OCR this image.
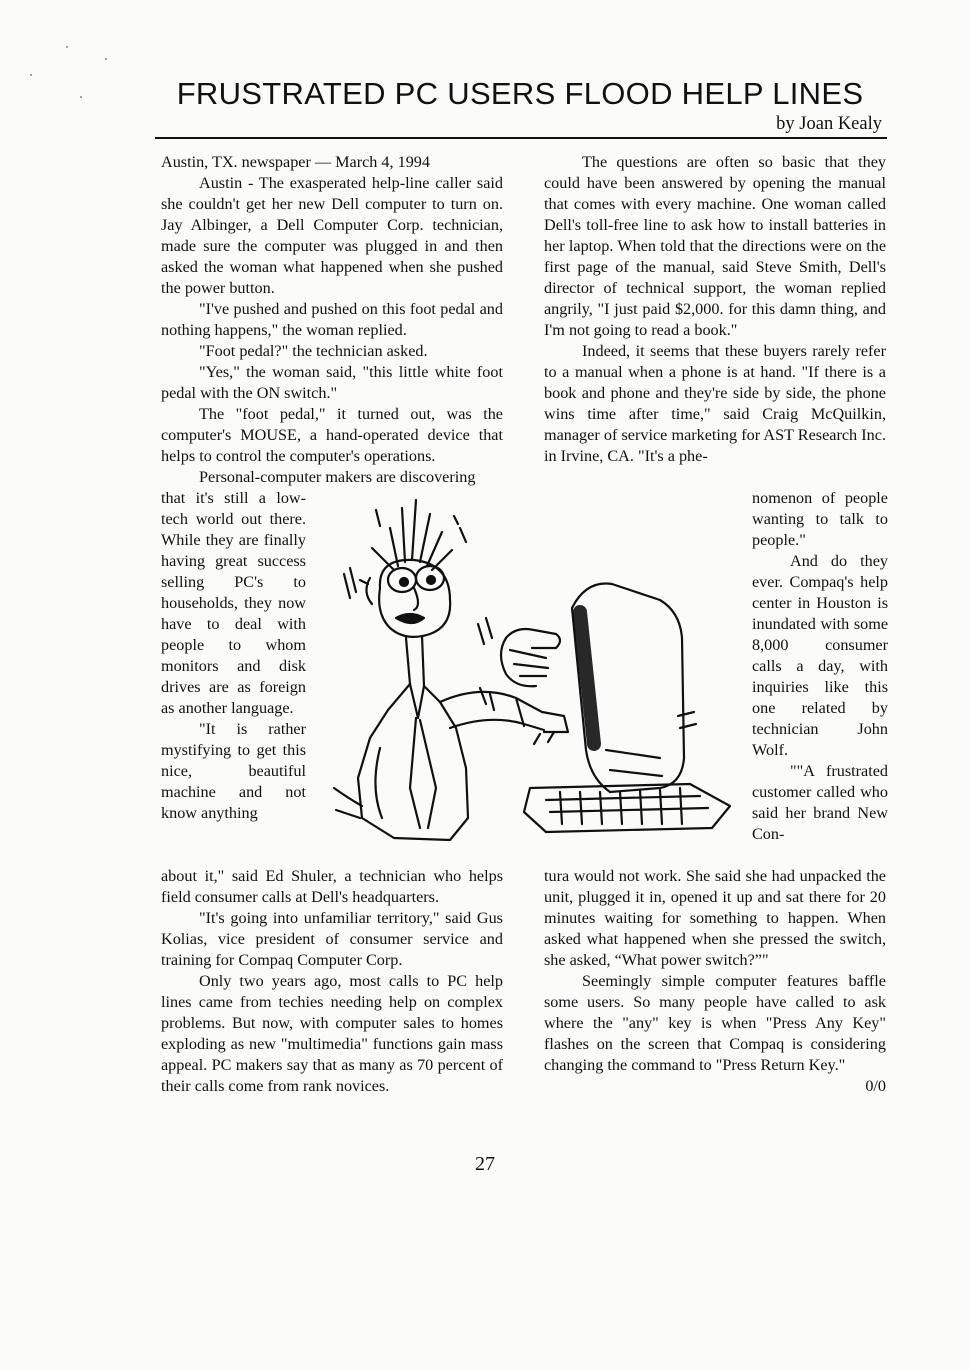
FRUSTRATED PC USERS FLOOD HELP LINES
by Joan Kealy

Austin, TX. newspaper — March 4, 1994

Austin - The exasperated help-line caller said she couldn't get her new Dell computer to turn on. Jay Albinger, a Dell Computer Corp. technician, made sure the computer was plugged in and then asked the woman what happened when she pushed the power button.

"I've pushed and pushed on this foot pedal and nothing happens," the woman replied.

"Foot pedal?" the technician asked.

"Yes," the woman said, "this little white foot pedal with the ON switch."

The "foot pedal," it turned out, was the computer's MOUSE, a hand-operated device that helps to control the computer's operations.

Personal-computer makers are discovering

that it's still a low-tech world out there. While they are finally having great success selling PC's to households, they now have to deal with people to whom monitors and disk drives are as foreign as another language.

"It is rather mystifying to get this nice, beautiful machine and not know anything

about it," said Ed Shuler, a technician who helps field consumer calls at Dell's headquarters.

"It's going into unfamiliar territory," said Gus Kolias, vice president of consumer service and training for Compaq Computer Corp.

Only two years ago, most calls to PC help lines came from techies needing help on complex problems. But now, with computer sales to homes exploding as new "multimedia" functions gain mass appeal. PC makers say that as many as 70 percent of their calls come from rank novices.

The questions are often so basic that they could have been answered by opening the manual that comes with every machine. One woman called Dell's toll-free line to ask how to install batteries in her laptop. When told that the directions were on the first page of the manual, said Steve Smith, Dell's director of technical support, the woman replied angrily, "I just paid $2,000. for this damn thing, and I'm not going to read a book."

Indeed, it seems that these buyers rarely refer to a manual when a phone is at hand. "If there is a book and phone and they're side by side, the phone wins time after time," said Craig McQuilkin, manager of service marketing for AST Research Inc. in Irvine, CA. "It's a phe-

nomenon of people wanting to talk to people."

And do they ever. Compaq's help center in Houston is inundated with some 8,000 consumer calls a day, with inquiries like this one related by technician John Wolf.

""A frustrated customer called who said her brand New Con-

tura would not work. She said she had unpacked the unit, plugged it in, opened it up and sat there for 20 minutes waiting for something to happen. When asked what happened when she pressed the switch, she asked, “What power switch?”"

Seemingly simple computer features baffle some users. So many people have called to ask where the "any" key is when "Press Any Key" flashes on the screen that Compaq is considering changing the command to "Press Return Key."
0/0

27
